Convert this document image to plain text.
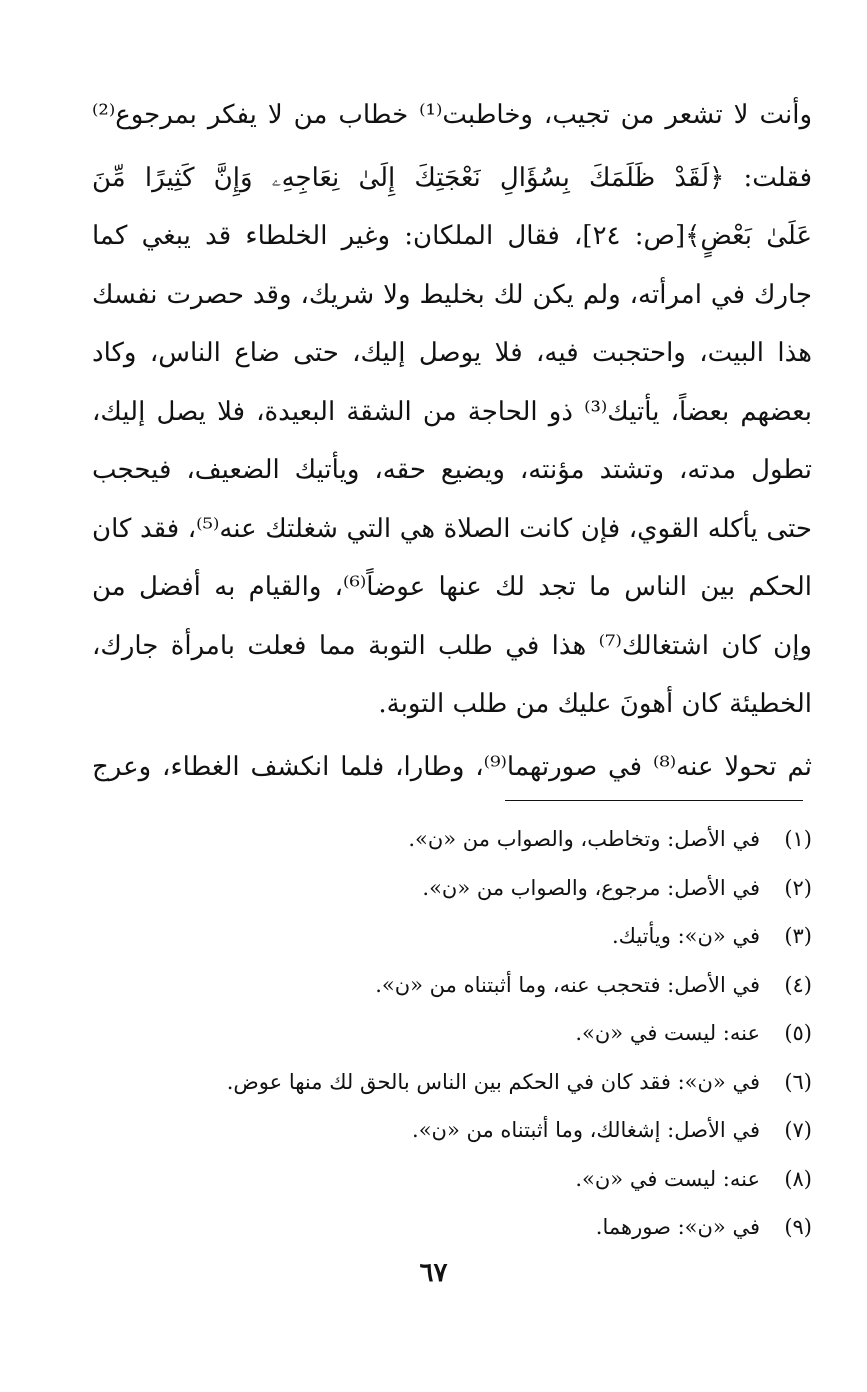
وأنت لا تشعر من تجيب، وخاطبت⁽¹⁾ خطاب من لا يفكر بمرجوع⁽²⁾
فقلت: ﴿لَقَدْ ظَلَمَكَ بِسُؤَالِ نَعْجَتِكَ إِلَىٰ نِعَاجِهِۦ وَإِنَّ كَثِيرًا مِّنَ
عَلَىٰ بَعْضٍ﴾[ص: ٢٤]، فقال الملكان: وغير الخلطاء قد يبغي كما
جارك في امرأته، ولم يكن لك بخليط ولا شريك، وقد حصرت نفسك
هذا البيت، واحتجبت فيه، فلا يوصل إليك، حتى ضاع الناس، وكاد
بعضهم بعضاً، يأتيك⁽³⁾ ذو الحاجة من الشقة البعيدة، فلا يصل إليك،
تطول مدته، وتشتد مؤنته، ويضيع حقه، ويأتيك الضعيف، فيحجب
حتى يأكله القوي، فإن كانت الصلاة هي التي شغلتك عنه⁽⁵⁾، فقد كان
الحكم بين الناس ما تجد لك عنها عوضاً⁽⁶⁾، والقيام به أفضل من
وإن كان اشتغالك⁽⁷⁾ هذا في طلب التوبة مما فعلت بامرأة جارك،
الخطيئة كان أهونَ عليك من طلب التوبة.
ثم تحولا عنه⁽⁸⁾ في صورتهما⁽⁹⁾، وطارا، فلما انكشف الغطاء، وعرج
(١)
في الأصل: وتخاطب، والصواب من «ن».
(٢)
في الأصل: مرجوع، والصواب من «ن».
(٣)
في «ن»: ويأتيك.
(٤)
في الأصل: فتحجب عنه، وما أثبتناه من «ن».
(٥)
عنه: ليست في «ن».
(٦)
في «ن»: فقد كان في الحكم بين الناس بالحق لك منها عوض.
(٧)
في الأصل: إشغالك، وما أثبتناه من «ن».
(٨)
عنه: ليست في «ن».
(٩)
في «ن»: صورهما.
٦٧
